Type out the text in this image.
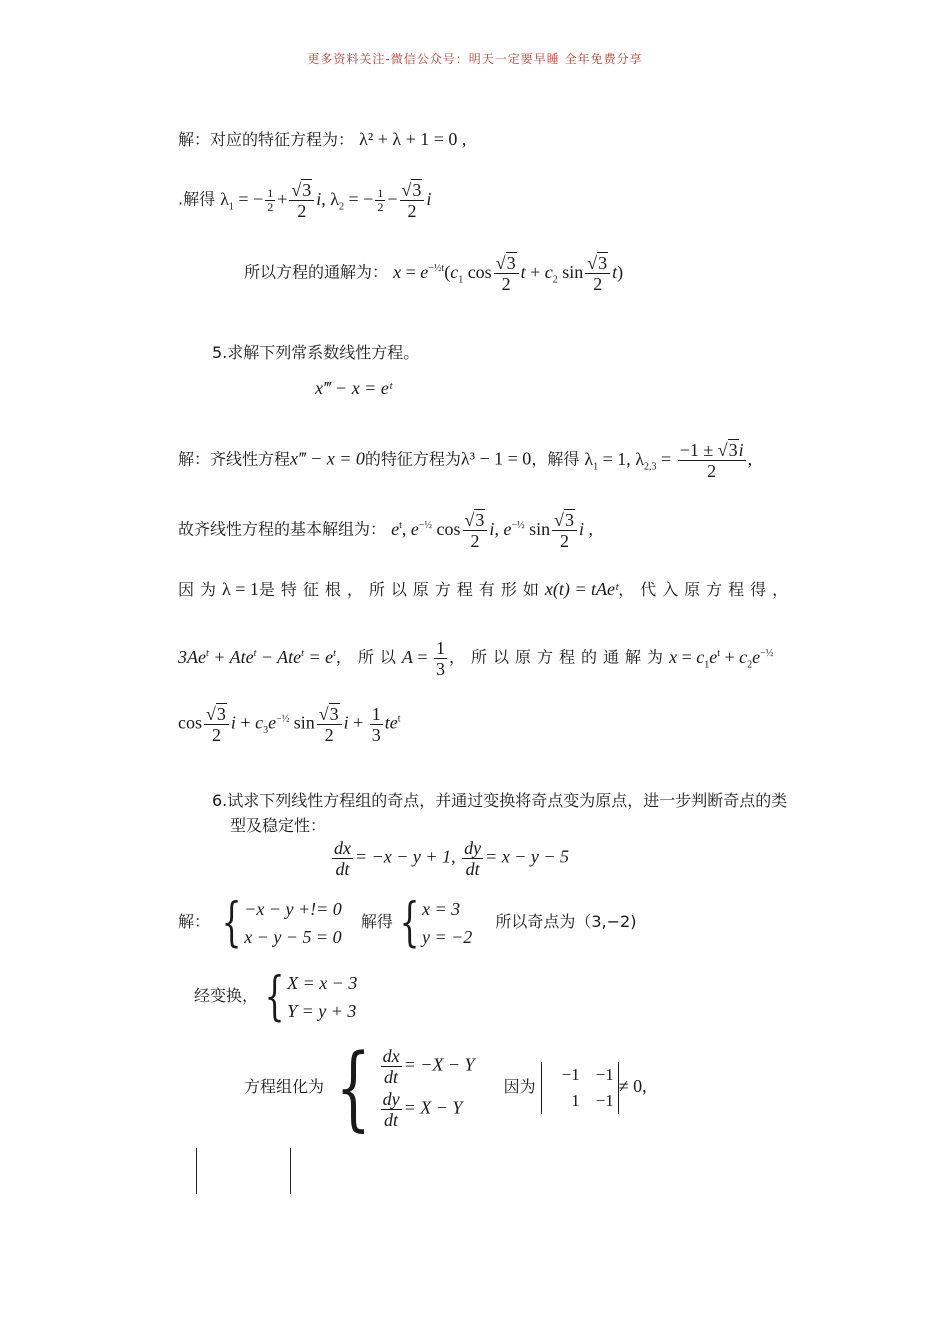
更多资料关注-微信公众号：明天一定要早睡 全年免费分享
解：对应的特征方程为： λ² + λ + 1 = 0 ,
.解得 $\lambda_1$ = − $\frac{1}{2} + \frac{√3}{2} i$, $\lambda_2$ = − $\frac{1}{2} - \frac{√3}{2}$ i
所以方程的通解为： $x = e^{-\frac{1}{2}t}(c_1$ $\cos \frac{√3}{2}$ $t + c_2$ $\sin \frac{√3}{2} t$)
5.求解下列常系数线性方程。
x‴ − x = eᵗ
解：齐线性方程x‴ − x = 0的特征方程为λ³ − 1 = 0，解得 $\lambda_1 = 1$, $\lambda_{2,3} = \frac{-1 \pm √3i}{2}$ ,
故齐线性方程的基本解组为： $e^t$, $e^{-\frac{1}{2}}$ $\cos \frac{√3}{2} i$, $e^{-\frac{1}{2}}$ $\sin \frac{√3}{2}$ i ,
因为λ = 1是特征根，所以原方程有形如x(t) = tAeᵗ，代入原方程得，
$3Ae^t + Ate^t - Ate^t = e^t$，所以$A = \frac{1}{3}$ ，所以原方程的通解为$x = c_1e^t + c_2e^{-\frac{1}{2}}$
$\cos \frac{√3}{2}$ $i + c_3e^{-\frac{1}{2}}$ $\sin \frac{√3}{2}$ $i + \frac{1}{3} te^t$
6.试求下列线性方程组的奇点，并通过变换将奇点变为原点，进一步判断奇点的类
型及稳定性：
$\frac{dx}{dt} = -x - y + 1$, $\frac{dy}{dt} = x - y - 5$
解： { −x − y +!= 0
x − y − 5 = 0
解得 { x = 3
y = −2
所以奇点为（3,−2)
经变换， { X = x − 3
Y = y + 3
方程组化为 { $\frac{dx}{dt} = -X - Y$
$\frac{dy}{dt} = X - Y$
因为
−1 −1
1 −1
≠ 0,
